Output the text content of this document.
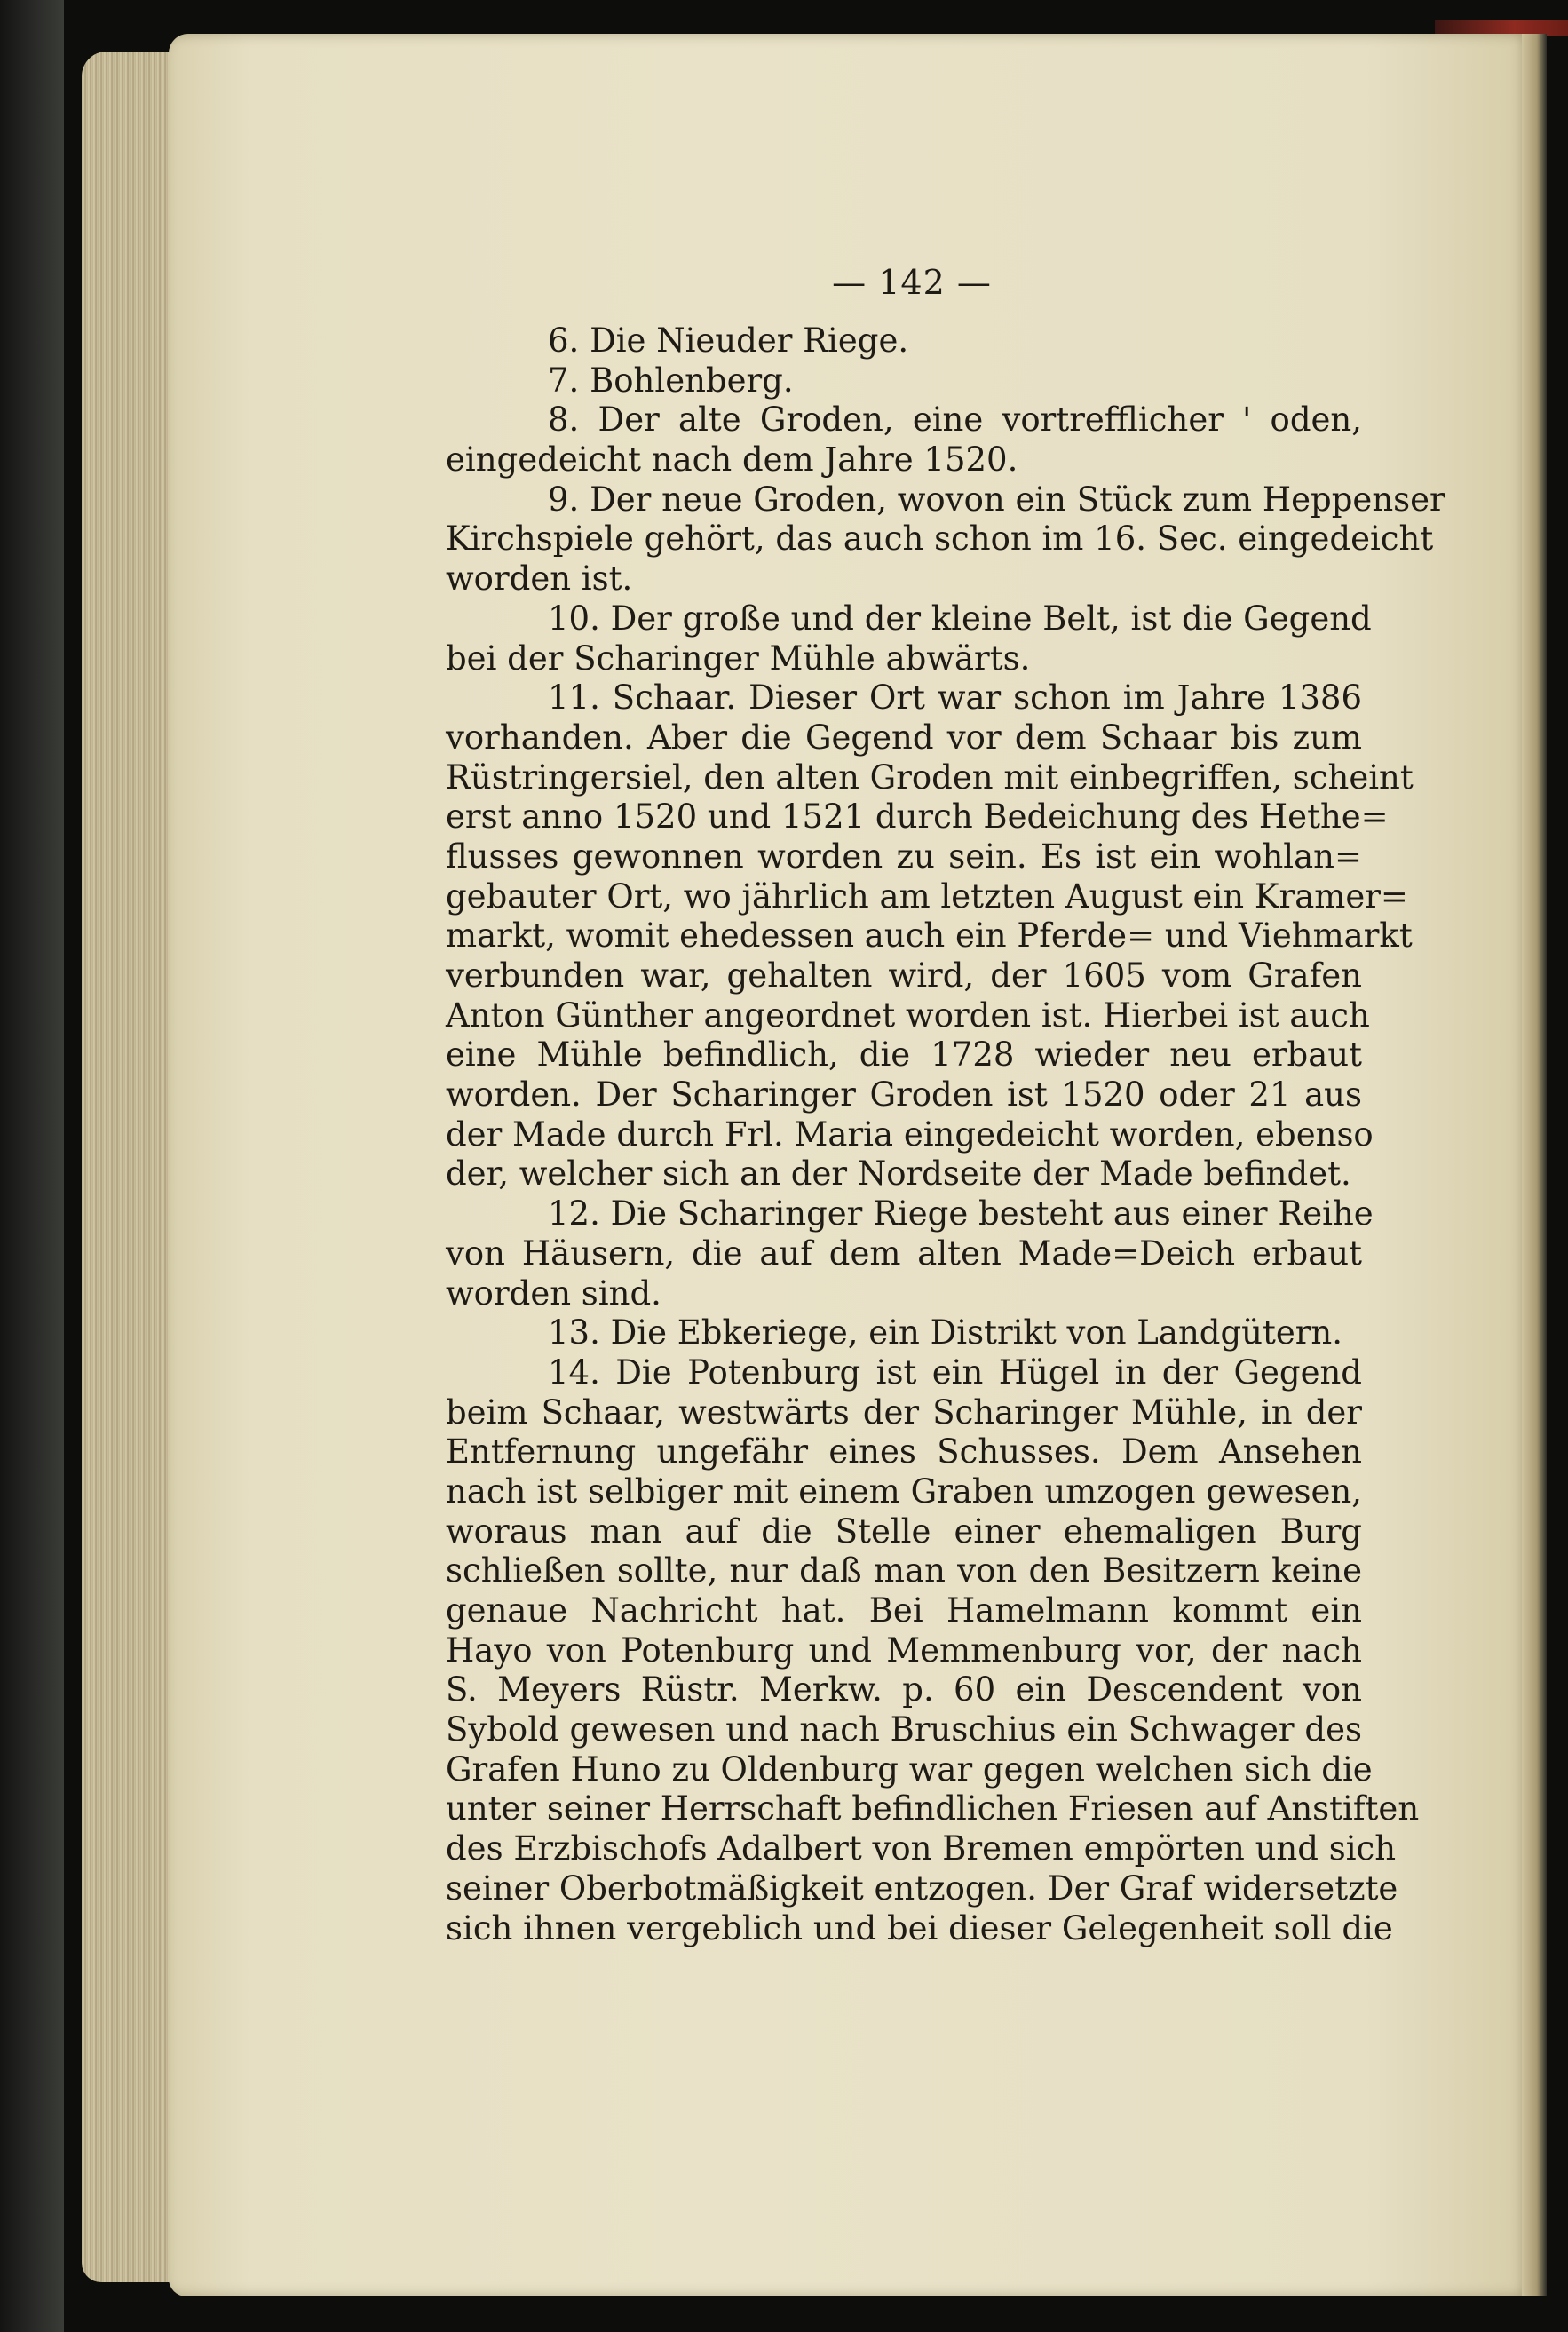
— 142 —
6. Die Nieuder Riege.
7. Bohlenberg.
8. Der alte Groden, eine vortrefflicher ' oden,
eingedeicht nach dem Jahre 1520.
9. Der neue Groden, wovon ein Stück zum Heppenser
Kirchspiele gehört, das auch schon im 16. Sec. eingedeicht
worden ist.
10. Der große und der kleine Belt, ist die Gegend
bei der Scharinger Mühle abwärts.
11. Schaar. Dieser Ort war schon im Jahre 1386
vorhanden. Aber die Gegend vor dem Schaar bis zum
Rüstringersiel, den alten Groden mit einbegriffen, scheint
erst anno 1520 und 1521 durch Bedeichung des Hethe=
flusses gewonnen worden zu sein. Es ist ein wohlan=
gebauter Ort, wo jährlich am letzten August ein Kramer=
markt, womit ehedessen auch ein Pferde= und Viehmarkt
verbunden war, gehalten wird, der 1605 vom Grafen
Anton Günther angeordnet worden ist. Hierbei ist auch
eine Mühle befindlich, die 1728 wieder neu erbaut
worden. Der Scharinger Groden ist 1520 oder 21 aus
der Made durch Frl. Maria eingedeicht worden, ebenso
der, welcher sich an der Nordseite der Made befindet.
12. Die Scharinger Riege besteht aus einer Reihe
von Häusern, die auf dem alten Made=Deich erbaut
worden sind.
13. Die Ebkeriege, ein Distrikt von Landgütern.
14. Die Potenburg ist ein Hügel in der Gegend
beim Schaar, westwärts der Scharinger Mühle, in der
Entfernung ungefähr eines Schusses. Dem Ansehen
nach ist selbiger mit einem Graben umzogen gewesen,
woraus man auf die Stelle einer ehemaligen Burg
schließen sollte, nur daß man von den Besitzern keine
genaue Nachricht hat. Bei Hamelmann kommt ein
Hayo von Potenburg und Memmenburg vor, der nach
S. Meyers Rüstr. Merkw. p. 60 ein Descendent von
Sybold gewesen und nach Bruschius ein Schwager des
Grafen Huno zu Oldenburg war gegen welchen sich die
unter seiner Herrschaft befindlichen Friesen auf Anstiften
des Erzbischofs Adalbert von Bremen empörten und sich
seiner Oberbotmäßigkeit entzogen. Der Graf widersetzte
sich ihnen vergeblich und bei dieser Gelegenheit soll die
